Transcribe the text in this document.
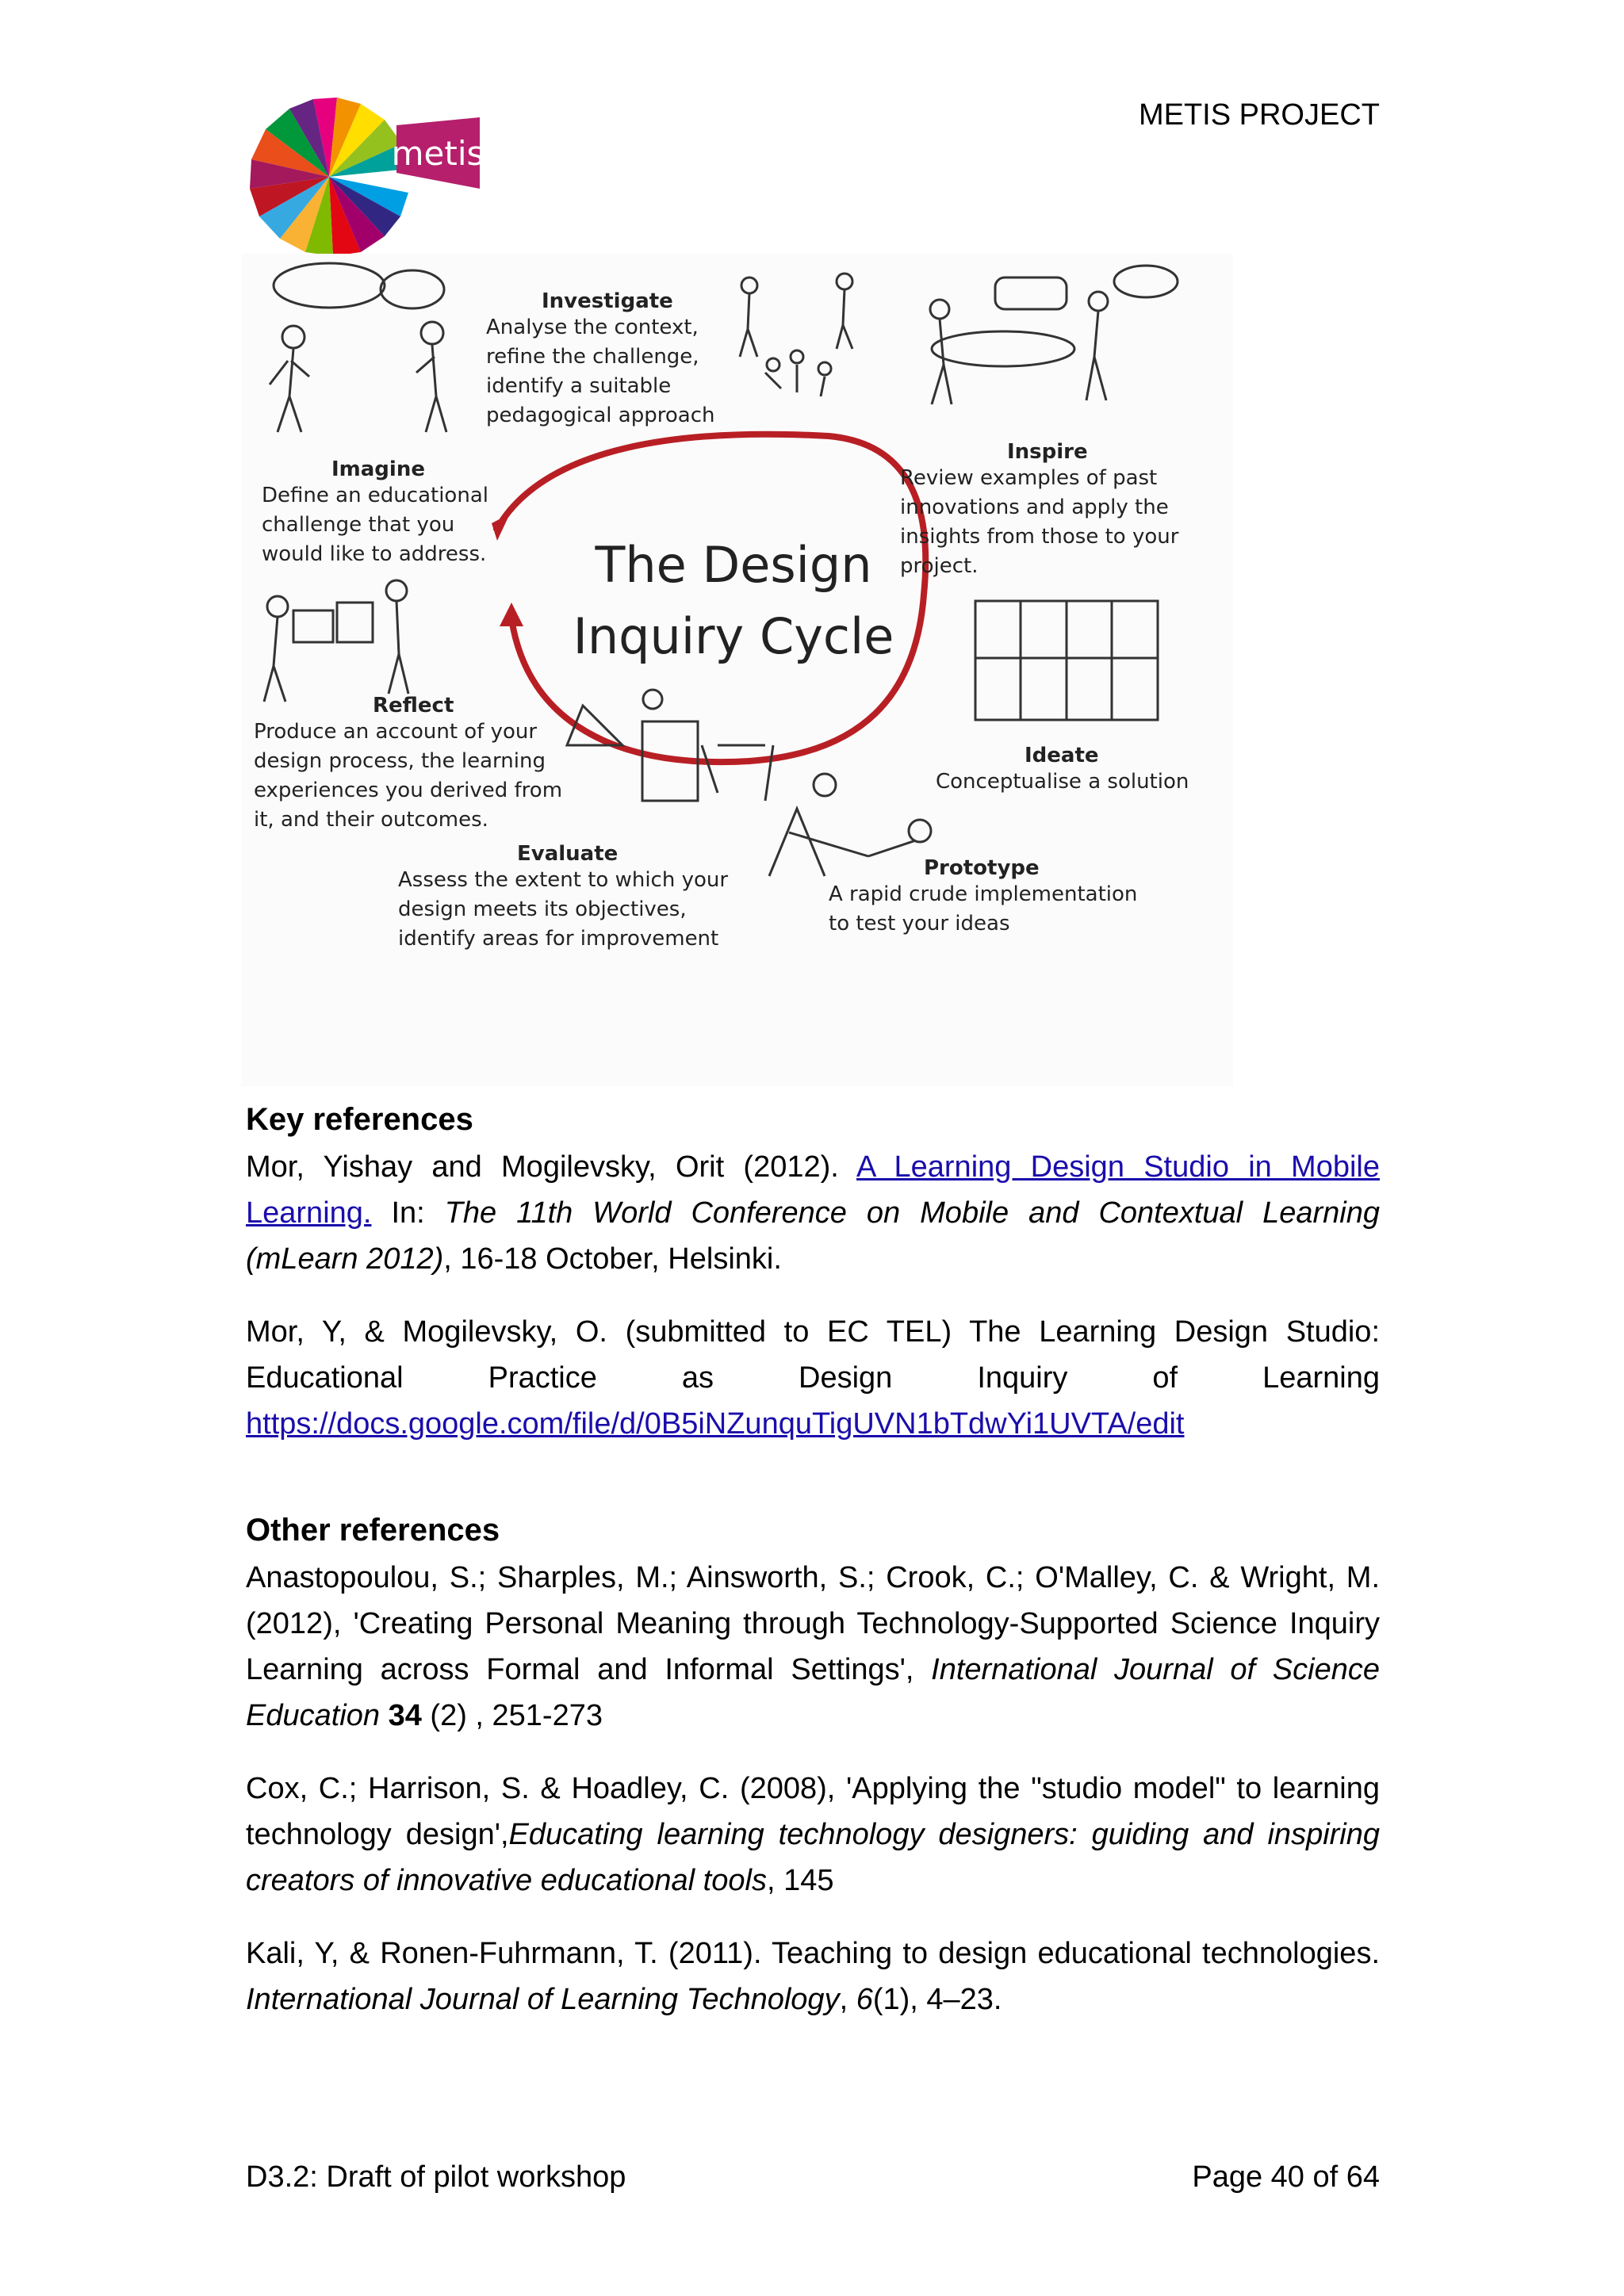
METIS PROJECT
metis
The Design
Inquiry Cycle
Investigate
Analyse the context,
refine the challenge,
identify a suitable
pedagogical approach
Inspire
Review examples of past
innovations and apply the
insights from those to your
project.
Imagine
Define an educational
challenge that you
would like to address.
Reflect
Produce an account of your
design process, the learning
experiences you derived from
it, and their outcomes.
Ideate
Conceptualise a solution
Evaluate
Assess the extent to which your
design meets its objectives,
identify areas for improvement
Prototype
A rapid crude implementation
to test your ideas
Key references

Mor, Yishay and Mogilevsky, Orit (2012). A Learning Design Studio in Mobile Learning. In: The 11th World Conference on Mobile and Contextual Learning (mLearn 2012), 16-18 October, Helsinki.

Mor, Y, & Mogilevsky, O. (submitted to EC TEL) The Learning Design Studio: Educational Practice as Design Inquiry of Learning https://docs.google.com/file/d/0B5iNZunquTigUVN1bTdwYi1UVTA/edit

Other references

Anastopoulou, S.; Sharples, M.; Ainsworth, S.; Crook, C.; O'Malley, C. & Wright, M. (2012), 'Creating Personal Meaning through Technology-Supported Science Inquiry Learning across Formal and Informal Settings', International Journal of Science Education 34 (2) , 251-273

Cox, C.; Harrison, S. & Hoadley, C. (2008), 'Applying the "studio model" to learning technology design',Educating learning technology designers: guiding and inspiring creators of innovative educational tools, 145

Kali, Y, & Ronen-Fuhrmann, T. (2011). Teaching to design educational technologies. International Journal of Learning Technology, 6(1), 4–23.

D3.2: Draft of pilot workshop	Page 40 of 64
